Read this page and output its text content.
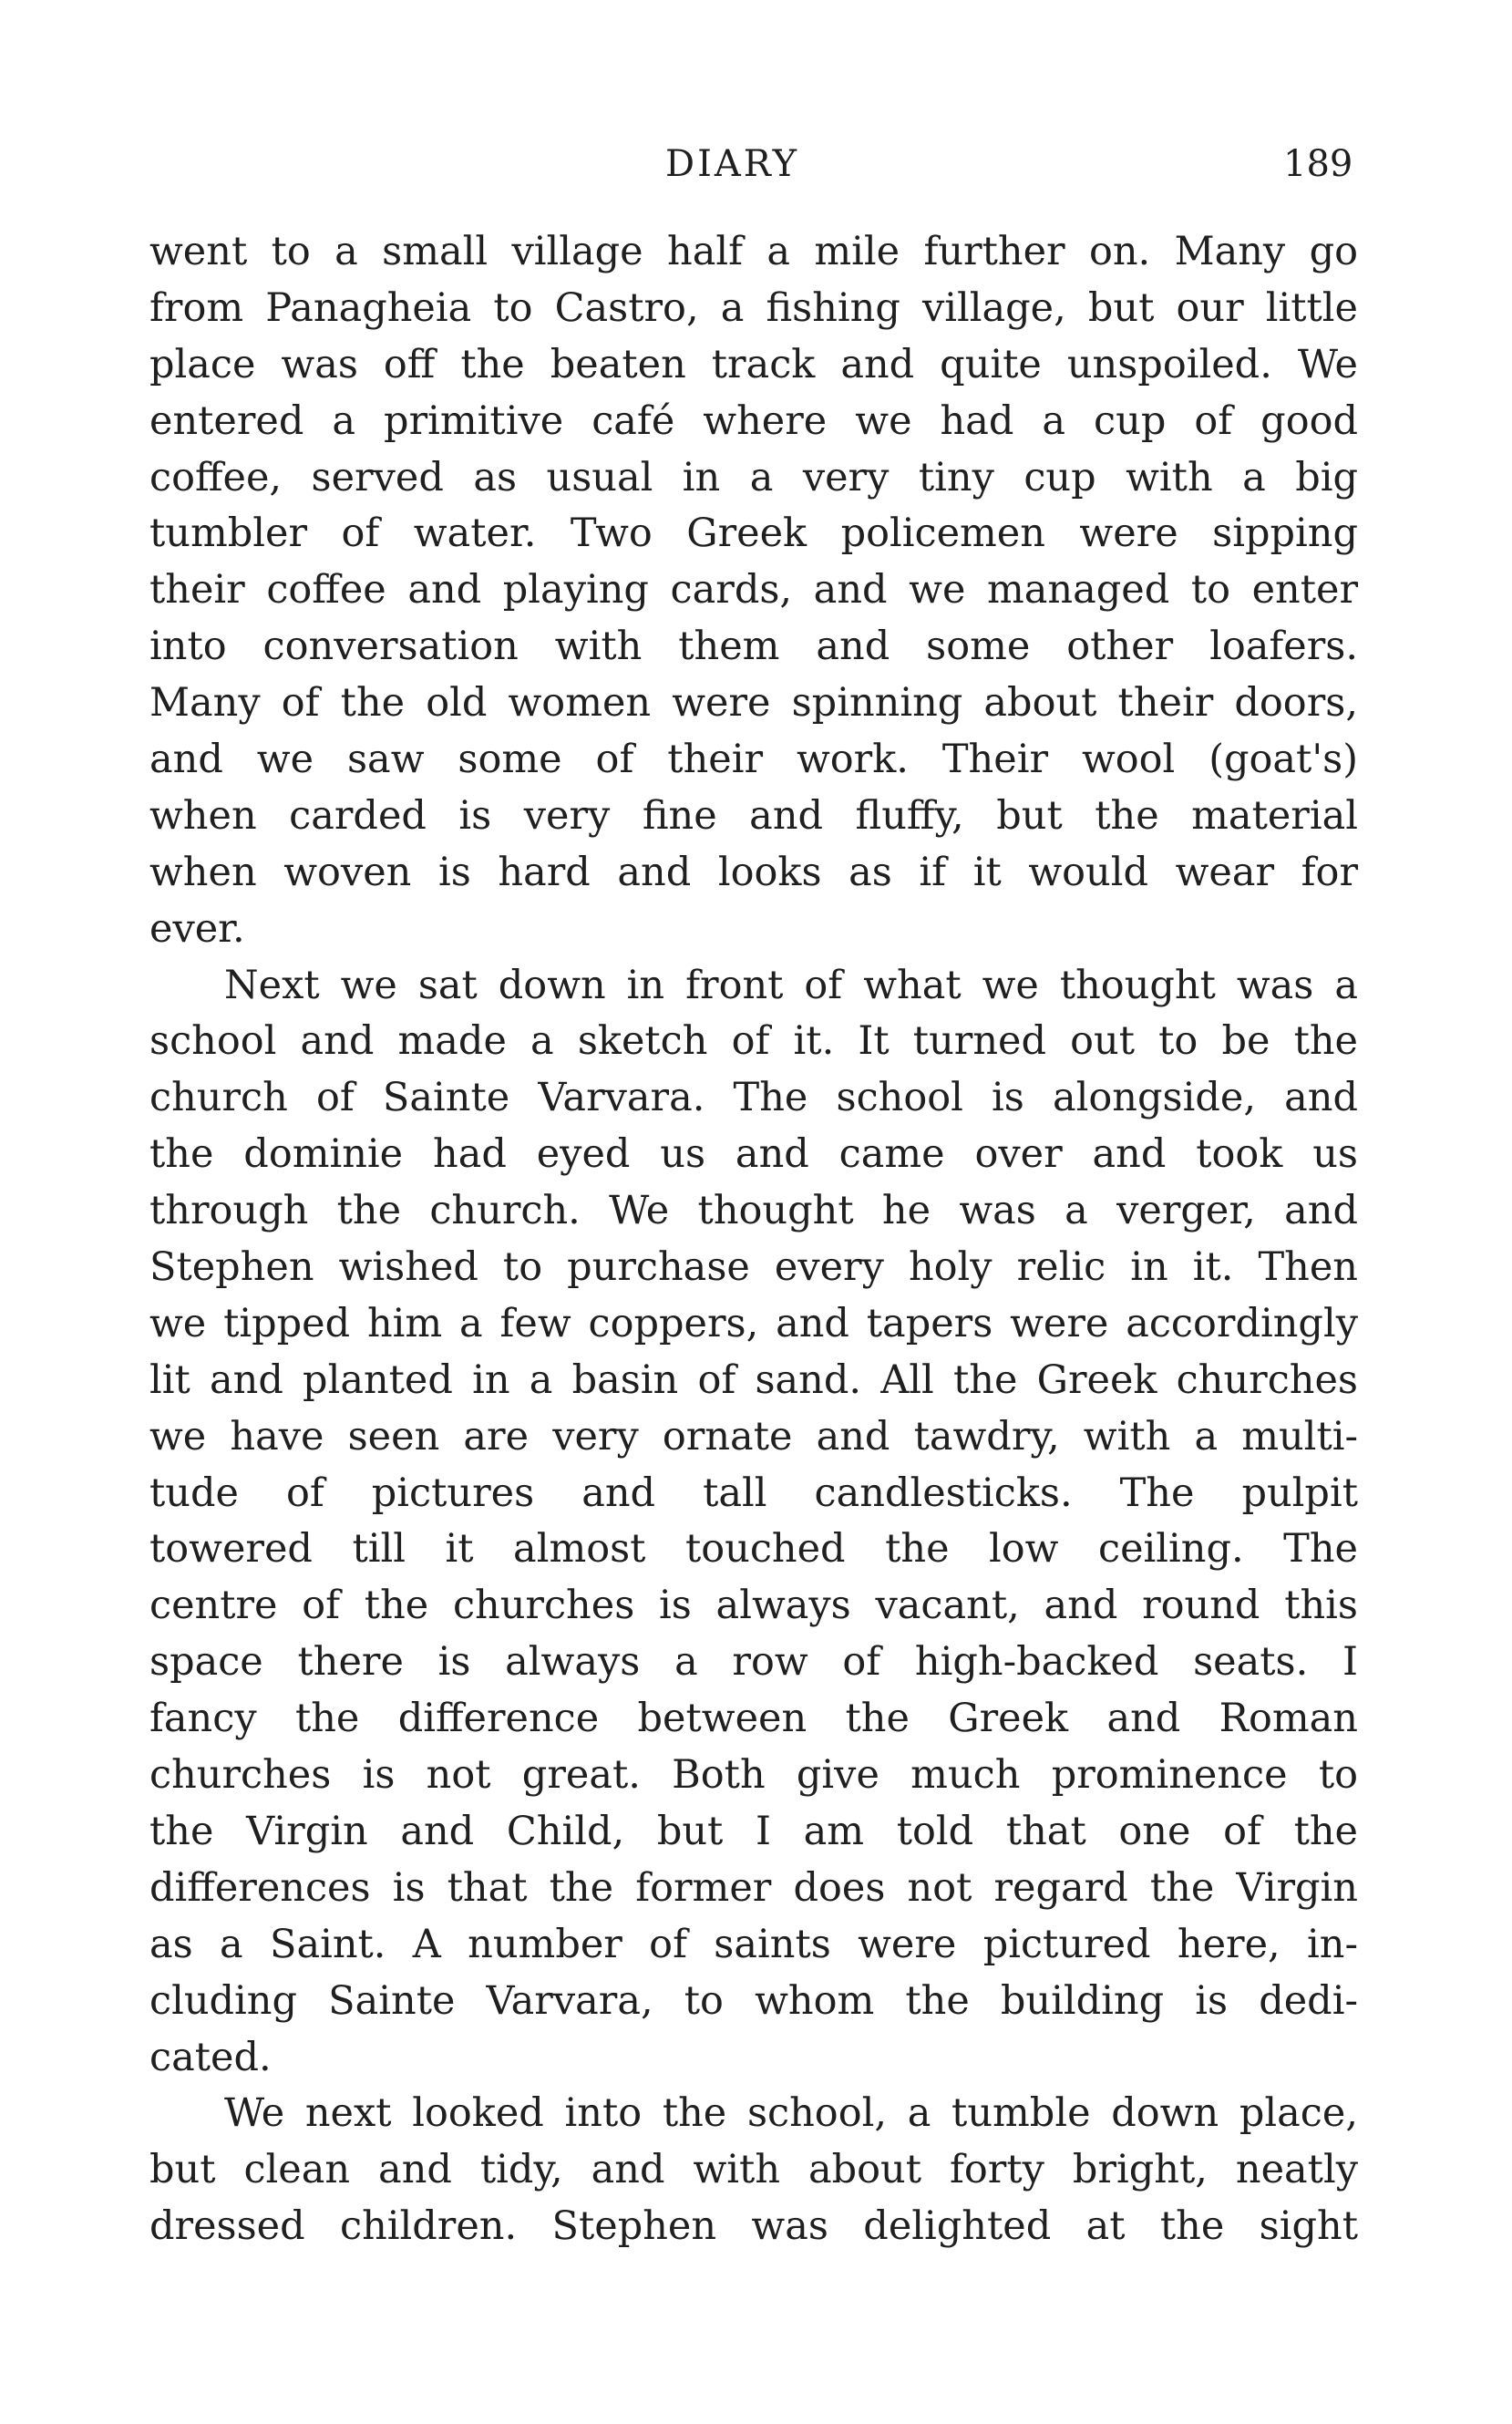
DIARY	189
went to a small village half a mile further on. Many go
from Panagheia to Castro, a fishing village, but our little
place was off the beaten track and quite unspoiled. We
entered a primitive café where we had a cup of good
coffee, served as usual in a very tiny cup with a big
tumbler of water. Two Greek policemen were sipping
their coffee and playing cards, and we managed to enter
into conversation with them and some other loafers.
Many of the old women were spinning about their doors,
and we saw some of their work. Their wool (goat's)
when carded is very fine and fluffy, but the material
when woven is hard and looks as if it would wear for
ever.
Next we sat down in front of what we thought was a
school and made a sketch of it. It turned out to be the
church of Sainte Varvara. The school is alongside, and
the dominie had eyed us and came over and took us
through the church. We thought he was a verger, and
Stephen wished to purchase every holy relic in it. Then
we tipped him a few coppers, and tapers were accordingly
lit and planted in a basin of sand. All the Greek churches
we have seen are very ornate and tawdry, with a multi-
tude of pictures and tall candlesticks. The pulpit
towered till it almost touched the low ceiling. The
centre of the churches is always vacant, and round this
space there is always a row of high-backed seats. I
fancy the difference between the Greek and Roman
churches is not great. Both give much prominence to
the Virgin and Child, but I am told that one of the
differences is that the former does not regard the Virgin
as a Saint. A number of saints were pictured here, in-
cluding Sainte Varvara, to whom the building is dedi-
cated.
We next looked into the school, a tumble down place,
but clean and tidy, and with about forty bright, neatly
dressed children. Stephen was delighted at the sight
